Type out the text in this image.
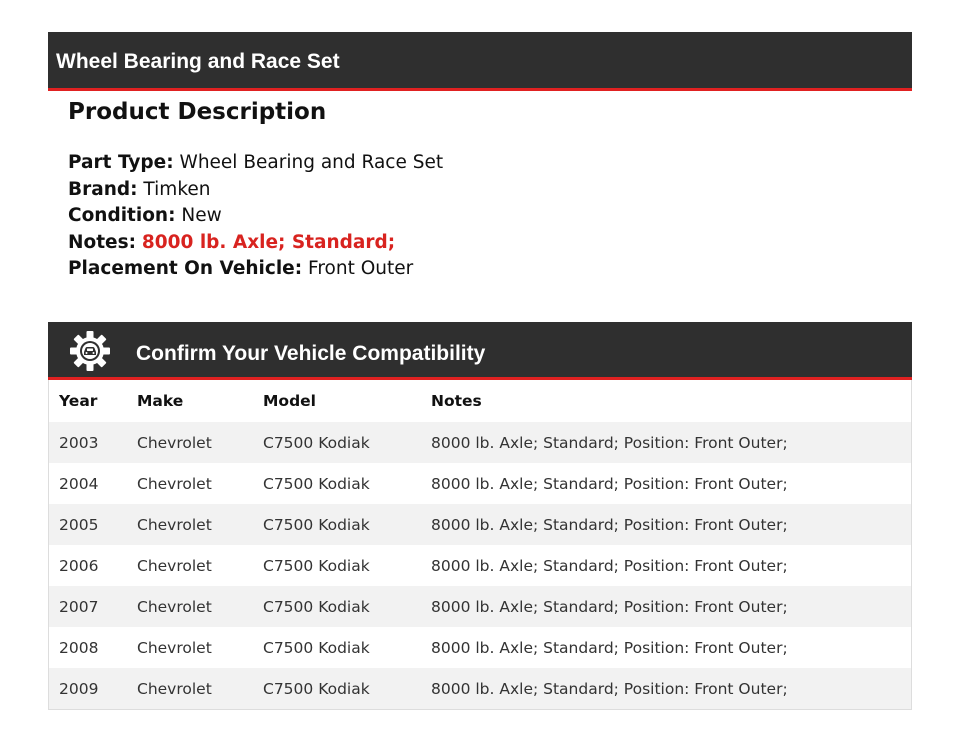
Wheel Bearing and Race Set
Product Description
Part Type: Wheel Bearing and Race Set
Brand: Timken
Condition: New
Notes: 8000 lb. Axle; Standard;
Placement On Vehicle: Front Outer
Confirm Your Vehicle Compatibility
Year	Make	Model	Notes
2003	Chevrolet	C7500 Kodiak	8000 lb. Axle; Standard; Position: Front Outer;
2004	Chevrolet	C7500 Kodiak	8000 lb. Axle; Standard; Position: Front Outer;
2005	Chevrolet	C7500 Kodiak	8000 lb. Axle; Standard; Position: Front Outer;
2006	Chevrolet	C7500 Kodiak	8000 lb. Axle; Standard; Position: Front Outer;
2007	Chevrolet	C7500 Kodiak	8000 lb. Axle; Standard; Position: Front Outer;
2008	Chevrolet	C7500 Kodiak	8000 lb. Axle; Standard; Position: Front Outer;
2009	Chevrolet	C7500 Kodiak	8000 lb. Axle; Standard; Position: Front Outer;
